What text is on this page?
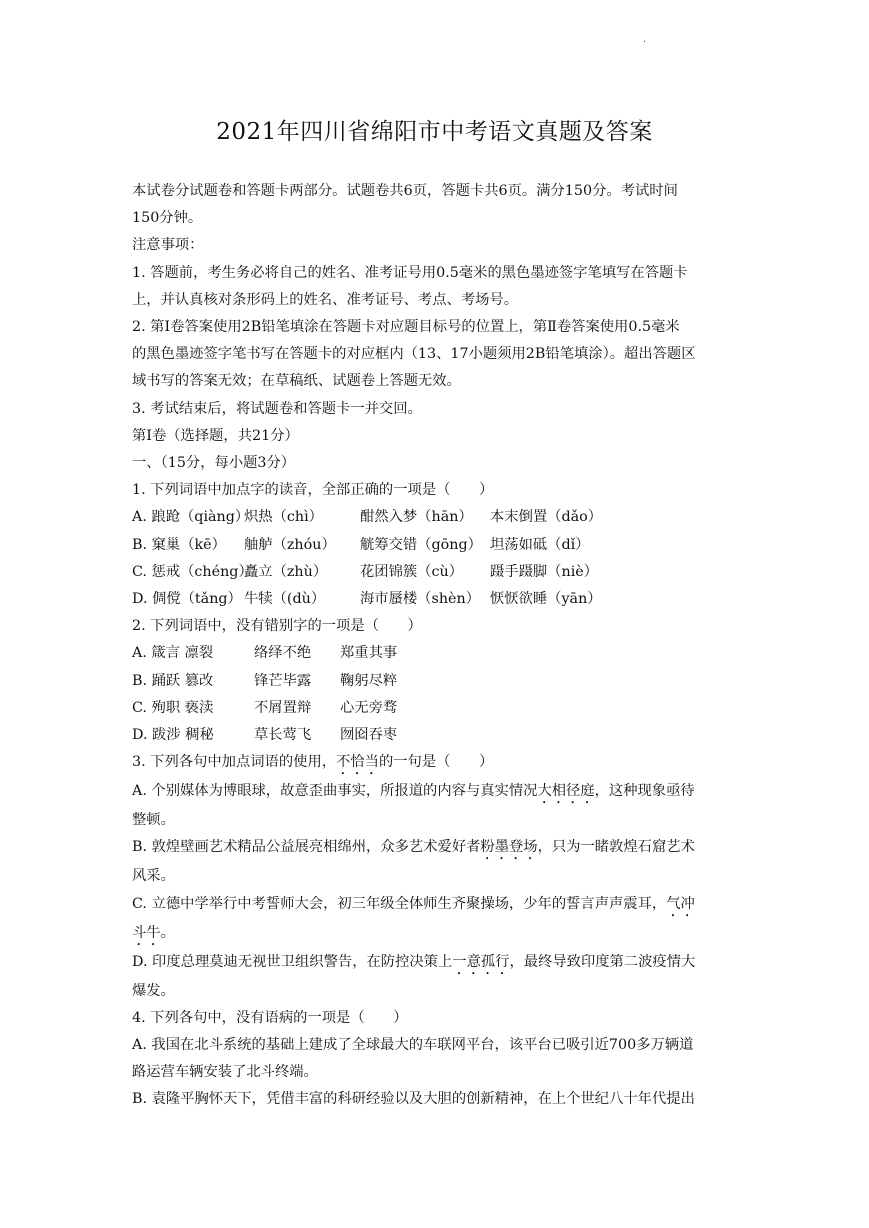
·
2021年四川省绵阳市中考语文真题及答案

本试卷分试题卷和答题卡两部分。试题卷共6页，答题卡共6页。满分150分。考试时间

150分钟。

注意事项：

1. 答题前，考生务必将自己的姓名、准考证号用0.5毫米的黑色墨迹签字笔填写在答题卡

上，并认真核对条形码上的姓名、准考证号、考点、考场号。

2. 第Ⅰ卷答案使用2B铅笔填涂在答题卡对应题目标号的位置上，第Ⅱ卷答案使用0.5毫米

的黑色墨迹签字笔书写在答题卡的对应框内（13、17小题须用2B铅笔填涂）。超出答题区

域书写的答案无效；在草稿纸、试题卷上答题无效。

3. 考试结束后，将试题卷和答题卡一并交回。

第Ⅰ卷（选择题，共21分）

一、（15分，每小题3分）

1. 下列词语中加点字的读音，全部正确的一项是（　　）

A. 踉跄（qiàng）炽热（chì）	酣然入梦（hān） 本末倒置（dǎo）

B. 窠巢（kē） 舳舻（zhóu） 觥筹交错（gōng） 坦荡如砥（dǐ）

C. 惩戒（chéng）矗立（zhù） 花团锦簇（cù） 蹑手蹑脚（niè）

D. 倜傥（tǎng） 牛犊（(dù） 海市蜃楼（shèn） 恹恹欲睡（yān）

2. 下列词语中，没有错别字的一项是（　　）

A. 箴言 凛裂	络绎不绝 郑重其事

B. 踊跃 篡改	锋芒毕露 鞠躬尽粹

C. 殉职 亵渎	不屑置辩 心无旁骛

D. 跋涉 稠秘	草长莺飞 囫囵吞枣

3. 下列各句中加点词语的使用，不恰当的一句是（　　）

A. 个别媒体为博眼球，故意歪曲事实，所报道的内容与真实情况大相径庭，这种现象亟待

整顿。

B. 敦煌壁画艺术精品公益展亮相绵州，众多艺术爱好者粉墨登场，只为一睹敦煌石窟艺术

风采。

C. 立德中学举行中考誓师大会，初三年级全体师生齐聚操场，少年的誓言声声震耳，气冲

斗牛。

D. 印度总理莫迪无视世卫组织警告，在防控决策上一意孤行，最终导致印度第二波疫情大

爆发。

4. 下列各句中，没有语病的一项是（　　）

A. 我国在北斗系统的基础上建成了全球最大的车联网平台，该平台已吸引近700多万辆道

路运营车辆安装了北斗终端。

B. 袁隆平胸怀天下，凭借丰富的科研经验以及大胆的创新精神，在上个世纪八十年代提出
